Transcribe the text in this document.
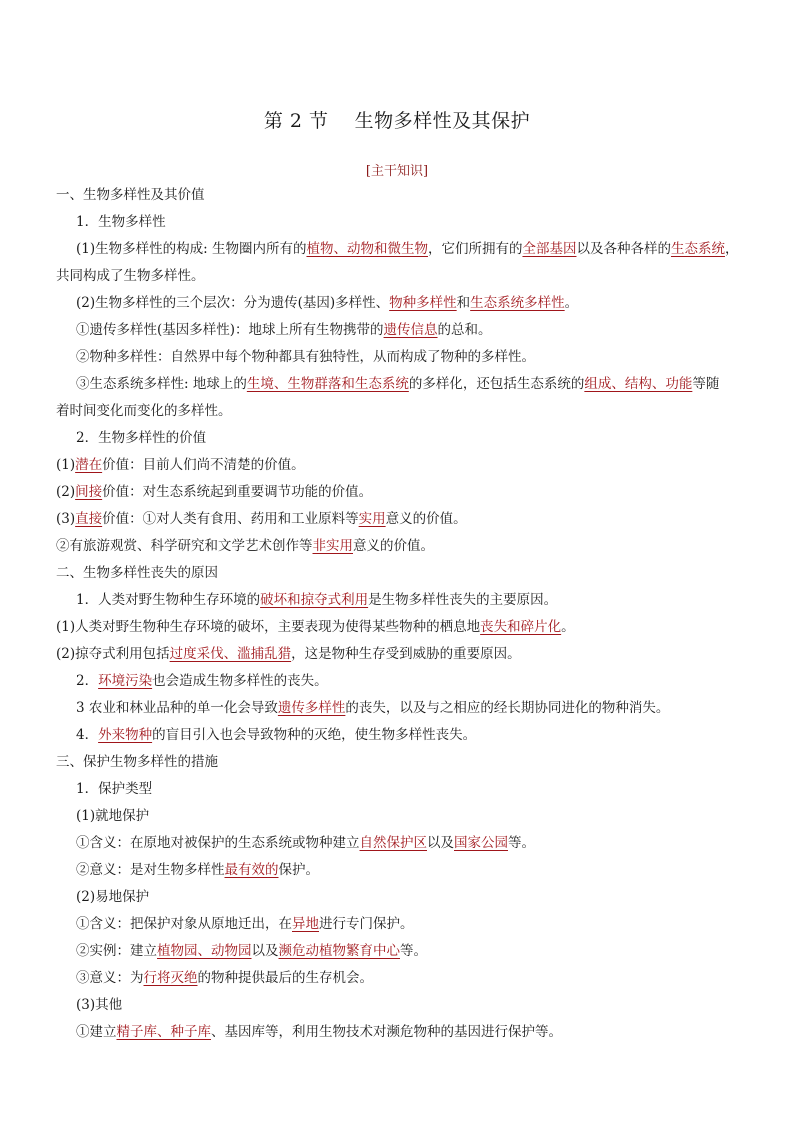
第 2 节    生物多样性及其保护
[主干知识]
一、生物多样性及其价值
1．生物多样性
(1)生物多样性的构成: 生物圈内所有的植物、动物和微生物，它们所拥有的全部基因以及各种各样的生态系统，
共同构成了生物多样性。
(2)生物多样性的三个层次：分为遗传(基因)多样性、物种多样性和生态系统多样性。
①遗传多样性(基因多样性)：地球上所有生物携带的遗传信息的总和。
②物种多样性：自然界中每个物种都具有独特性，从而构成了物种的多样性。
③生态系统多样性: 地球上的生境、生物群落和生态系统的多样化，还包括生态系统的组成、结构、功能等随
着时间变化而变化的多样性。
2．生物多样性的价值
(1)潜在价值：目前人们尚不清楚的价值。
(2)间接价值：对生态系统起到重要调节功能的价值。
(3)直接价值：①对人类有食用、药用和工业原料等实用意义的价值。
②有旅游观赏、科学研究和文学艺术创作等非实用意义的价值。
二、生物多样性丧失的原因
1．人类对野生物种生存环境的破坏和掠夺式利用是生物多样性丧失的主要原因。
(1)人类对野生物种生存环境的破坏，主要表现为使得某些物种的栖息地丧失和碎片化。
(2)掠夺式利用包括过度采伐、滥捕乱猎，这是物种生存受到威胁的重要原因。
2．环境污染也会造成生物多样性的丧失。
3 农业和林业品种的单一化会导致遗传多样性的丧失，以及与之相应的经长期协同进化的物种消失。
4．外来物种的盲目引入也会导致物种的灭绝，使生物多样性丧失。
三、保护生物多样性的措施
1．保护类型
(1)就地保护
①含义：在原地对被保护的生态系统或物种建立自然保护区以及国家公园等。
②意义：是对生物多样性最有效的保护。
(2)易地保护
①含义：把保护对象从原地迁出，在异地进行专门保护。
②实例：建立植物园、动物园以及濒危动植物繁育中心等。
③意义：为行将灭绝的物种提供最后的生存机会。
(3)其他
①建立精子库、种子库、基因库等，利用生物技术对濒危物种的基因进行保护等。
